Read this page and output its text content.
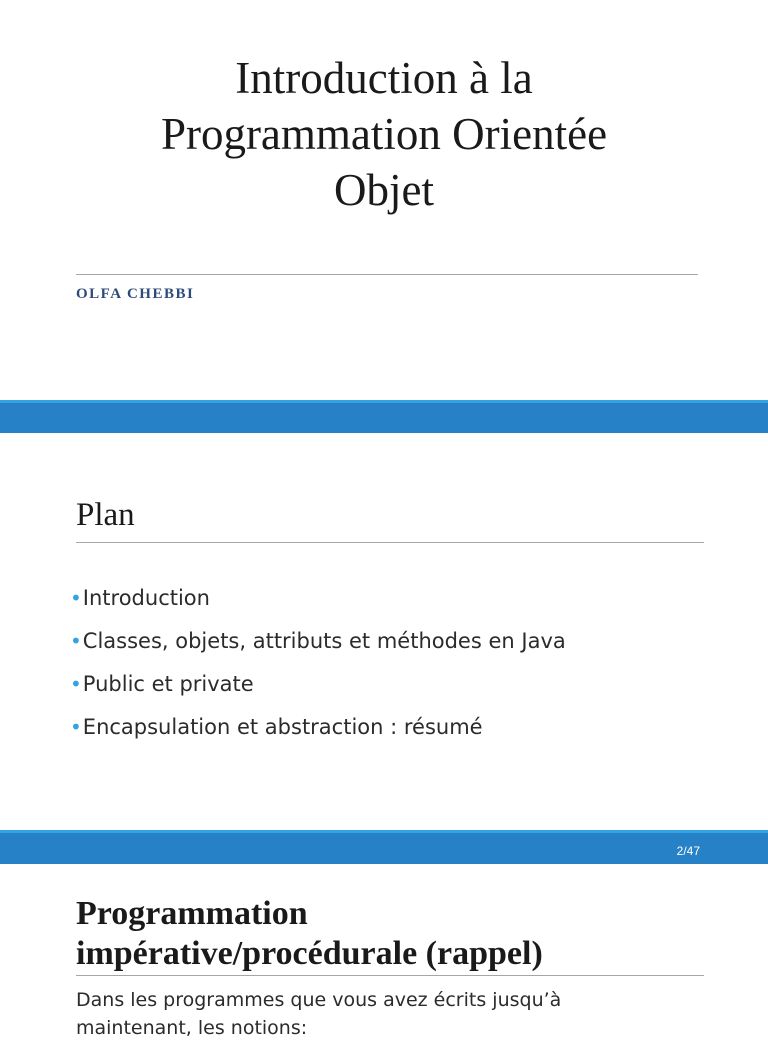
Introduction à la
Programmation Orientée
Objet
OLFA CHEBBI
Plan
•Introduction
•Classes, objets, attributs et méthodes en Java
•Public et private
•Encapsulation et abstraction : résumé
2/47
Programmation
impérative/procédurale (rappel)
Dans les programmes que vous avez écrits jusqu’à
maintenant, les notions:
